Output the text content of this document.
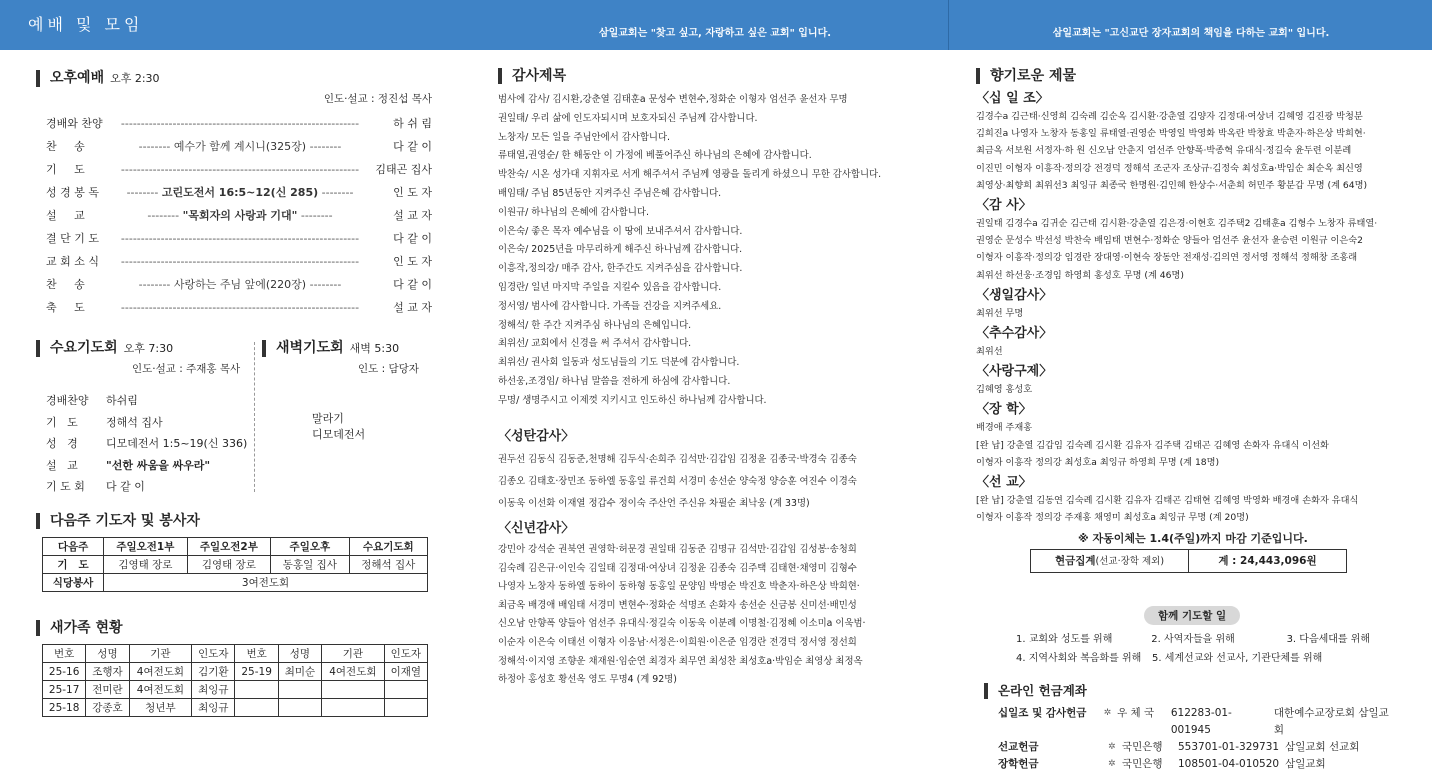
예배 및 모임	삼일교회는 "찾고 싶고, 자랑하고 싶은 교회" 입니다.	삼일교회는 "고신교단 장자교회의 책임을 다하는 교회" 입니다.
오후예배 오후 2:30
인도·설교 : 정진섭 목사
경배와 찬양	------------------------------------------------------------	하 쉬 림
찬     송	-------- 예수가 함께 계시니(325장) --------	다 같 이
기     도	------------------------------------------------------------	김태곤 집사
성 경 봉 독	-------- 고린도전서 16:5~12(신 285) --------	인 도 자
설     교	-------- "목회자의 사랑과 기대" --------	설 교 자
결 단 기 도	------------------------------------------------------------	다 같 이
교 회 소 식	------------------------------------------------------------	인 도 자
찬     송	-------- 사랑하는 주님 앞에(220장) --------	다 같 이
축     도	------------------------------------------------------------	설 교 자
수요기도회 오후 7:30
인도·설교 : 주재홍 목사
경배찬양	하쉬림
기   도	정해석 집사
성   경	디모데전서 1:5~19(신 336)
설   교	"선한 싸움을 싸우라"
기 도 회	다 같 이
새벽기도회 새벽 5:30
인도 : 담당자
말라기
디모데전서
다음주 기도자 및 봉사자
다음주	주일오전1부	주일오전2부	주일오후	수요기도회
기   도	김영태 장로	김영태 장로	동홍일 집사	정해석 집사
식당봉사	3여전도회			
새가족 현황
번호	성명	기관	인도자	번호	성명	기관	인도자
25-16	조행자	4여전도회	김기환	25-19	최미순	4여전도회	이재열
25-17	전미란	4여전도회	최잉규				
25-18	강종호	청년부	최잉규				
감사제목
범사에 감사/ 김시환,강춘열 김태훈a 문성수 변현수,정화순 이형자 엄선주 윤선자 무명
권일태/ 우리 삶에 인도자되시며 보호자되신 주님께 감사합니다.
노창자/ 모든 일을 주님안에서 감사합니다.
류태열,권영순/ 한 해동안 이 가정에 베풀어주신 하나님의 은혜에 감사합니다.
박찬숙/ 시온 성가대 지휘자로 서게 해주셔서 주님께 영광을 돌리게 하셨으니 무한 감사합니다.
배임태/ 주님 85년동안 지켜주신 주님은혜 감사합니다.
이원규/ 하나님의 은혜에 감사합니다.
이은숙/ 좋은 목자 예수님을 이 땅에 보내주셔서 감사합니다.
이은숙/ 2025년을 마무리하게 해주신 하나님께 감사합니다.
이흥작,정의강/ 매주 감사, 한주간도 지켜주심을 감사합니다.
임경란/ 일년 마지막 주일을 지킬수 있음을 감사합니다.
정서영/ 범사에 감사합니다. 가족들 건강을 지켜주세요.
정해석/ 한 주간 지켜주심 하나님의 은혜입니다.
최위선/ 교회에서 신경을 써 주셔서 감사합니다.
최위선/ 권사회 일동과 성도님들의 기도 덕분에 감사합니다.
하선웅,조경임/ 하나님 말씀을 전하게 하심에 감사합니다.
무명/ 생명주시고 이제껏 지키시고 인도하신 하나님께 감사합니다.
〈성탄감사〉
권두선 김동식 김동준,천명해 김두식·손희주 김석만·김갑임 김정윤 김종국·박경숙 김종숙
김종오 김태호·장민조 동하엘 동홍일 류건희 서경미 송선순 양숙정 양승훈 여진수 이경숙
이동욱 이선화 이재열 정갑수 정이숙 주산언 주신유 차필순 최낙웅 (계 33명)
〈신년감사〉
강민아 강석순 권북연 권영학·허문경 권일태 김동준 김명규 김석만·김갑임 김성봉·송청희
김숙례 김은규·이인숙 김일태 김정대·여상녀 김정윤 김종숙 김주택 김태현·채영미 김형수
나영자 노창자 동하엘 동하이 동하형 동홍일 문양임 박명순 박진호 박춘자·하은상 박희현·
최금옥 배경애 배임태 서경미 변현수·정화순 석명조 손화자 송선순 신금봉 신미선·배민성
신오남 안향폭 양들아 엄선주 유대식·정길숙 이동욱 이분례 이명철·김정혜 이소미a 이욱범·
이순자 이은숙 이태선 이형자 이응남·서정은·이희원·이은준 임경란 전경덕 정서영 정선희
정해석·이지영 조향운 채재원·임순연 최경자 최무연 최성찬 최성호a·박임순 최영상 최정옥
하정아 홍성호 황선옥 영도 무명4 (계 92명)
향기로운 제물
〈십 일 조〉
김경수a 김근태·신영희 김숙례 김순옥 김시환·강춘열 김양자 김정대·여상녀 김혜영 김진광 박청분
김희진a 나영자 노창자 동홍일 류태열·권영순 박영일 박영화 박옥란 박창효 박춘자·하은상 박희현·
최금옥 서보원 서정자·하 원 신오남 안춘지 엄선주 안향폭·박종혁 유대식·정길숙 윤두련 이분례
이진민 이형자 이흥작·정의강 전경덕 정해석 조군자 조상규·김정숙 최성호a·박임순 최순옥 최신영
최영상·최향희 최위선3 최잉규 최종국 한명원·김인혜 한상수·서춘희 허민주 황분갑 무명 (계 64명)
〈감 사〉
권일태 김경수a 김귀순 김근태 김시환·강춘열 김은경·이현호 김주택2 김태훈a 김형수 노창자 류태열·
권영순 문성수 박선성 박찬숙 배임태 변현수·정화순 양들아 엄선주 윤선자 윤승련 이원규 이은숙2
이형자 이흥작·정의강 임경란 장대영·이현숙 장동안 전재성·김의연 정서영 정해석 정해창 조홍래
최위선 하선웅·조경임 하영희 홍성호 무명 (계 46명)
〈생일감사〉
최위선 무명
〈추수감사〉
최위선
〈사랑구제〉
김혜영 홍성호
〈장 학〉
배경애 주재홍
[완 납] 강춘열 김갑임 김숙례 김시환 김유자 김주택 김태곤 김혜영 손화자 유대식 이선화
이형자 이흥작 정의강 최성호a 최잉규 하영희 무명 (계 18명)
〈선 교〉
[완 납] 강춘열 김동연 김숙례 김시환 김유자 김태곤 김태현 김혜영 박영화 배경애 손화자 유대식
이형자 이흥작 정의강 주재홍 채영미 최성호a 최잉규 무명 (계 20명)
※ 자동이체는 1.4(주일)까지 마감 기준입니다.
현금집계(선교·장학 제외)	계 : 24,443,096원
함께 기도할 일
1. 교회와 성도를 위해	2. 사역자들을 위해	3. 다음세대를 위해
4. 지역사회와 복음화를 위해	5. 세계선교와 선교사, 기관단체를 위해
온라인 헌금계좌
십일조 및 감사헌금	✲ 우 체 국	612283-01-001945
대한예수교장로회 삼일교회
선교헌금	✲ 국민은행	553701-01-329731 삼일교회 선교회
장학헌금	✲ 국민은행	108501-04-010520 삼일교회
